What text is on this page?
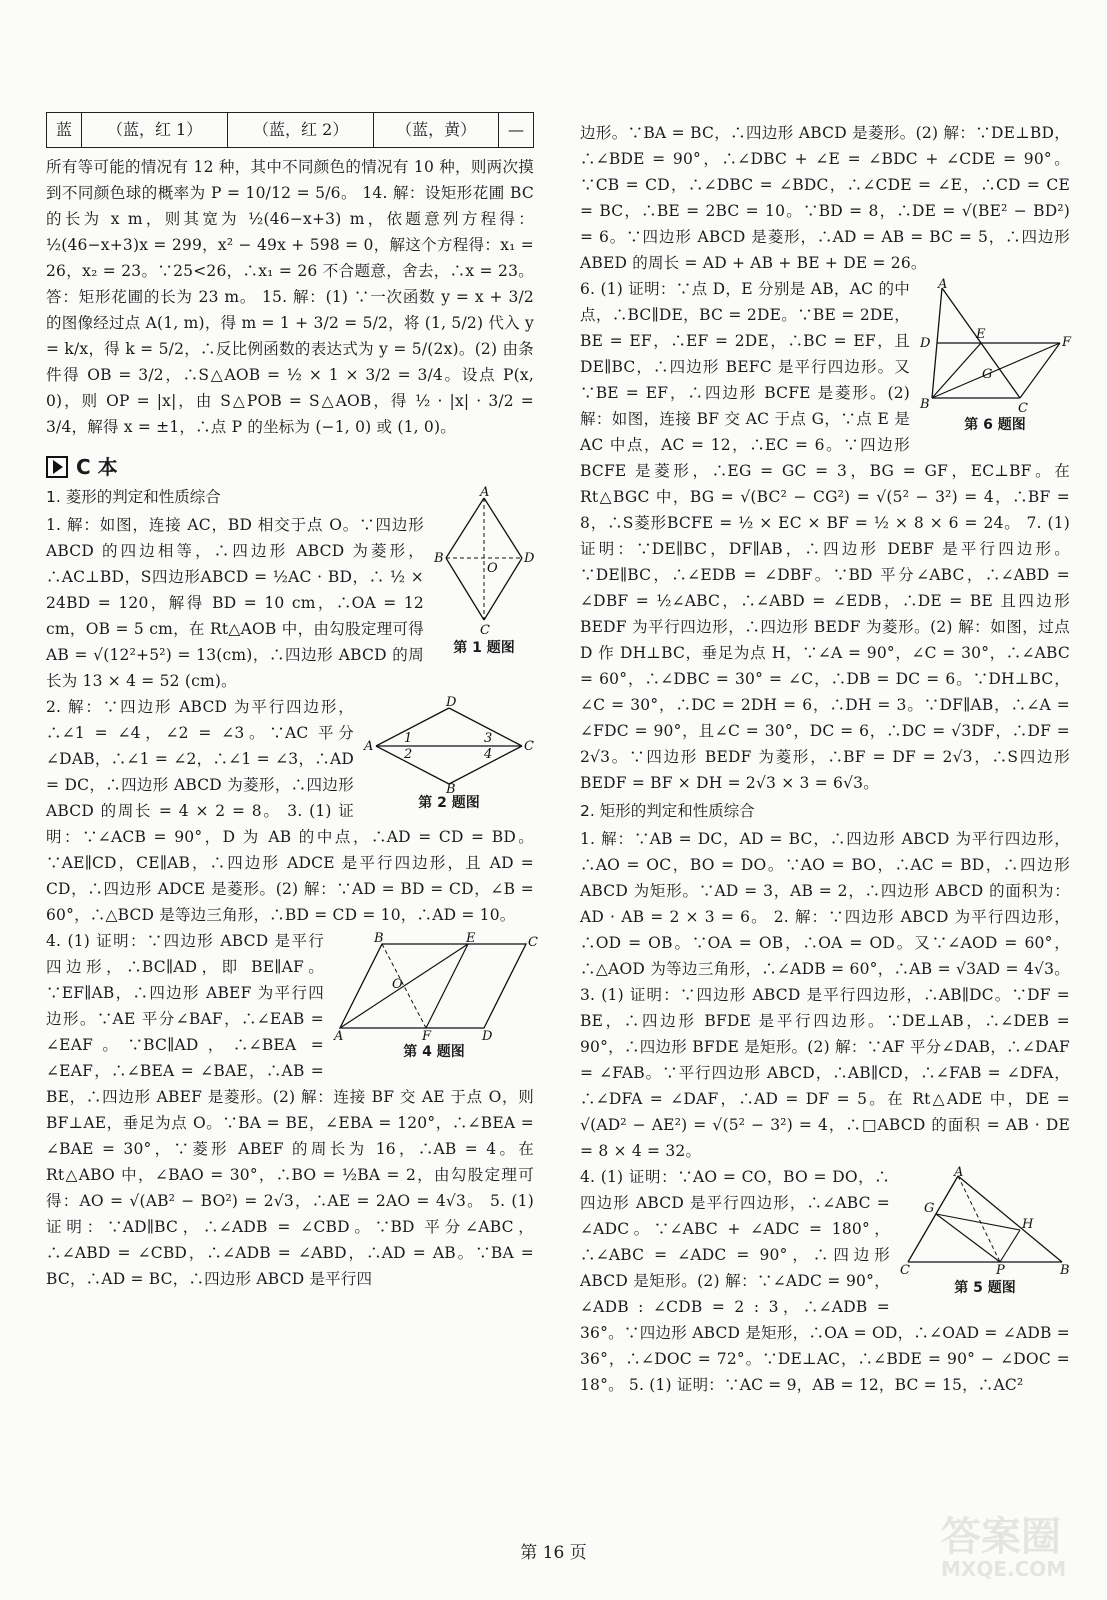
蓝	（蓝，红 1）	（蓝，红 2）	（蓝，黄）	—

所有等可能的情况有 12 种，其中不同颜色的情况有 10 种，则两次摸到不同颜色球的概率为 P = 10/12 = 5/6。 14. 解：设矩形花圃 BC 的长为 x m，则其宽为 ½(46−x+3) m，依题意列方程得：½(46−x+3)x = 299，x² − 49x + 598 = 0，解这个方程得：x₁ = 26，x₂ = 23。∵25<26，∴x₁ = 26 不合题意，舍去，∴x = 23。答：矩形花圃的长为 23 m。 15. 解：(1) ∵一次函数 y = x + 3/2 的图像经过点 A(1, m)，得 m = 1 + 3/2 = 5/2，将 (1, 5/2) 代入 y = k/x，得 k = 5/2，∴反比例函数的表达式为 y = 5/(2x)。(2) 由条件得 OB = 3/2，∴S△AOB = ½ × 1 × 3/2 = 3/4。设点 P(x, 0)，则 OP = |x|，由 S△POB = S△AOB，得 ½ · |x| · 3/2 = 3/4，解得 x = ±1，∴点 P 的坐标为 (−1, 0) 或 (1, 0)。

C 本
A
B	D
C
O
第 1 题图
1. 菱形的判定和性质综合

1. 解：如图，连接 AC，BD 相交于点 O。∵四边形 ABCD 的四边相等，∴四边形 ABCD 为菱形，∴AC⊥BD，S四边形ABCD = ½AC · BD，∴ ½ × 24BD = 120，解得 BD = 10 cm，∴OA = 12 cm，OB = 5 cm，在 Rt△AOB 中，由勾股定理可得 AB = √(12²+5²) = 13(cm)，∴四边形 ABCD 的周长为 13 × 4 = 52 (cm)。

D
A	C
B
1
2
3
4
第 2 题图

2. 解：∵四边形 ABCD 为平行四边形，∴∠1 = ∠4，∠2 = ∠3。∵AC 平分∠DAB，∴∠1 = ∠2，∴∠1 = ∠3，∴AD = DC，∴四边形 ABCD 为菱形，∴四边形 ABCD 的周长 = 4 × 2 = 8。 3. (1) 证明：∵∠ACB = 90°，D 为 AB 的中点，∴AD = CD = BD。∵AE∥CD，CE∥AB，∴四边形 ADCE 是平行四边形，且 AD = CD，∴四边形 ADCE 是菱形。(2) 解：∵AD = BD = CD，∠B = 60°，∴△BCD 是等边三角形，∴BD = CD = 10，∴AD = 10。

B	E	C
A	F	D
O
第 4 题图

4. (1) 证明：∵四边形 ABCD 是平行四边形，∴BC∥AD，即 BE∥AF。∵EF∥AB，∴四边形 ABEF 为平行四边形。∵AE 平分∠BAF，∴∠EAB = ∠EAF。∵BC∥AD，∴∠BEA = ∠EAF，∴∠BEA = ∠BAE，∴AB = BE，∴四边形 ABEF 是菱形。(2) 解：连接 BF 交 AE 于点 O，则 BF⊥AE，垂足为点 O。∵BA = BE，∠EBA = 120°，∴∠BEA = ∠BAE = 30°，∵菱形 ABEF 的周长为 16，∴AB = 4。在 Rt△ABO 中，∠BAO = 30°，∴BO = ½BA = 2，由勾股定理可得：AO = √(AB² − BO²) = 2√3，∴AE = 2AO = 4√3。 5. (1) 证明：∵AD∥BC，∴∠ADB = ∠CBD。∵BD 平分∠ABC，∴∠ABD = ∠CBD，∴∠ADB = ∠ABD，∴AD = AB。∵BA = BC，∴AD = BC，∴四边形 ABCD 是平行四

边形。∵BA = BC，∴四边形 ABCD 是菱形。(2) 解：∵DE⊥BD，∴∠BDE = 90°，∴∠DBC + ∠E = ∠BDC + ∠CDE = 90°。∵CB = CD，∴∠DBC = ∠BDC，∴∠CDE = ∠E，∴CD = CE = BC，∴BE = 2BC = 10。∵BD = 8，∴DE = √(BE² − BD²) = 6。∵四边形 ABCD 是菱形，∴AD = AB = BC = 5，∴四边形 ABED 的周长 = AD + AB + BE + DE = 26。

A
D
E
F
G
B	C
第 6 题图

6. (1) 证明：∵点 D，E 分别是 AB，AC 的中点，∴BC∥DE，BC = 2DE。∵BE = 2DE，BE = EF，∴EF = 2DE，∴BC = EF，且 DE∥BC，∴四边形 BEFC 是平行四边形。又∵BE = EF，∴四边形 BCFE 是菱形。(2) 解：如图，连接 BF 交 AC 于点 G，∵点 E 是 AC 中点，AC = 12，∴EC = 6。∵四边形 BCFE 是菱形，∴EG = GC = 3，BG = GF，EC⊥BF。在 Rt△BGC 中，BG = √(BC² − CG²) = √(5² − 3²) = 4，∴BF = 8，∴S菱形BCFE = ½ × EC × BF = ½ × 8 × 6 = 24。 7. (1) 证明：∵DE∥BC，DF∥AB，∴四边形 DEBF 是平行四边形。∵DE∥BC，∴∠EDB = ∠DBF。∵BD 平分∠ABC，∴∠ABD = ∠DBF = ½∠ABC，∴∠ABD = ∠EDB，∴DE = BE 且四边形 BEDF 为平行四边形，∴四边形 BEDF 为菱形。(2) 解：如图，过点 D 作 DH⊥BC，垂足为点 H，∵∠A = 90°，∠C = 30°，∴∠ABC = 60°，∴∠DBC = 30° = ∠C，∴DB = DC = 6。∵DH⊥BC，∠C = 30°，∴DC = 2DH = 6，∴DH = 3。∵DF∥AB，∴∠A = ∠FDC = 90°，且∠C = 30°，DC = 6，∴DC = √3DF，∴DF = 2√3。∵四边形 BEDF 为菱形，∴BF = DF = 2√3，∴S四边形BEDF = BF × DH = 2√3 × 3 = 6√3。

2. 矩形的判定和性质综合

1. 解：∵AB = DC，AD = BC，∴四边形 ABCD 为平行四边形，∴AO = OC，BO = DO。∵AO = BO，∴AC = BD，∴四边形 ABCD 为矩形。∵AD = 3，AB = 2，∴四边形 ABCD 的面积为：AD · AB = 2 × 3 = 6。 2. 解：∵四边形 ABCD 为平行四边形，∴OD = OB。∵OA = OB，∴OA = OD。又∵∠AOD = 60°，∴△AOD 为等边三角形，∴∠ADB = 60°，∴AB = √3AD = 4√3。 3. (1) 证明：∵四边形 ABCD 是平行四边形，∴AB∥DC。∵DF = BE，∴四边形 BFDE 是平行四边形。∵DE⊥AB，∴∠DEB = 90°，∴四边形 BFDE 是矩形。(2) 解：∵AF 平分∠DAB，∴∠DAF = ∠FAB。∵平行四边形 ABCD，∴AB∥CD，∴∠FAB = ∠DFA，∴∠DFA = ∠DAF，∴AD = DF = 5。在 Rt△ADE 中，DE = √(AD² − AE²) = √(5² − 3²) = 4，∴□ABCD 的面积 = AB · DE = 8 × 4 = 32。

A
G
H
C	P	B
第 5 题图

4. (1) 证明：∵AO = CO，BO = DO，∴四边形 ABCD 是平行四边形，∴∠ABC = ∠ADC。∵∠ABC + ∠ADC = 180°，∴∠ABC = ∠ADC = 90°，∴四边形 ABCD 是矩形。(2) 解：∵∠ADC = 90°，∠ADB : ∠CDB = 2 : 3，∴∠ADB = 36°。∵四边形 ABCD 是矩形，∴OA = OD，∴∠OAD = ∠ADB = 36°，∴∠DOC = 72°。∵DE⊥AC，∴∠BDE = 90° − ∠DOC = 18°。 5. (1) 证明：∵AC = 9，AB = 12，BC = 15，∴AC²

第 16 页	答案圈
MXQE.COM
